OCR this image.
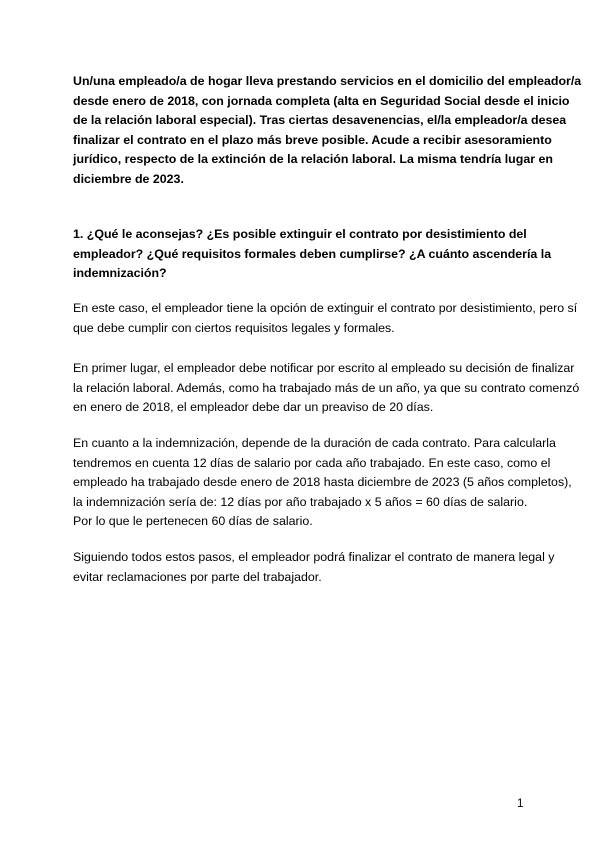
Un/una empleado/a de hogar lleva prestando servicios en el domicilio del empleador/a
desde enero de 2018, con jornada completa (alta en Seguridad Social desde el inicio
de la relación laboral especial). Tras ciertas desavenencias, el/la empleador/a desea
finalizar el contrato en el plazo más breve posible. Acude a recibir asesoramiento
jurídico, respecto de la extinción de la relación laboral. La misma tendría lugar en
diciembre de 2023.
1. ¿Qué le aconsejas? ¿Es posible extinguir el contrato por desistimiento del
empleador? ¿Qué requisitos formales deben cumplirse? ¿A cuánto ascendería la
indemnización?
En este caso, el empleador tiene la opción de extinguir el contrato por desistimiento, pero sí
que debe cumplir con ciertos requisitos legales y formales.
En primer lugar, el empleador debe notificar por escrito al empleado su decisión de finalizar
la relación laboral. Además, como ha trabajado más de un año, ya que su contrato comenzó
en enero de 2018, el empleador debe dar un preaviso de 20 días.
En cuanto a la indemnización, depende de la duración de cada contrato. Para calcularla
tendremos en cuenta 12 días de salario por cada año trabajado. En este caso, como el
empleado ha trabajado desde enero de 2018 hasta diciembre de 2023 (5 años completos),
la indemnización sería de: 12 días por año trabajado x 5 años = 60 días de salario.
Por lo que le pertenecen 60 días de salario.
Siguiendo todos estos pasos, el empleador podrá finalizar el contrato de manera legal y
evitar reclamaciones por parte del trabajador.
1
